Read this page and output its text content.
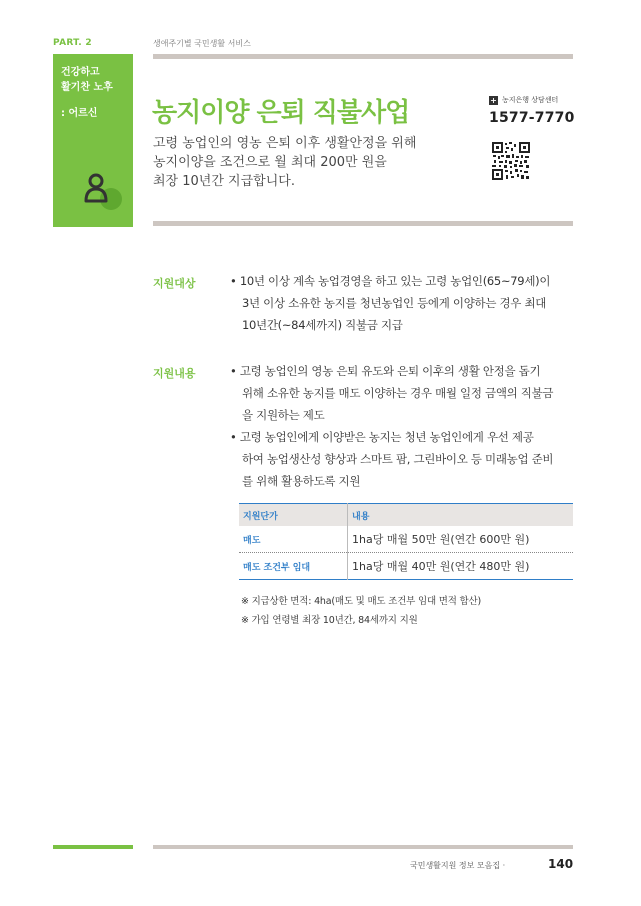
PART. 2	생애주기별 국민생활 서비스
건강하고
활기찬 노후
: 어르신 농지이양 은퇴 직불사업
고령 농업인의 영농 은퇴 이후 생활안정을 위해
농지이양을 조건으로 월 최대 200만 원을
최장 10년간 지급합니다.
+ 농지은행 상담센터
1577-7770
지원대상	• 10년 이상 계속 농업경영을 하고 있는 고령 농업인(65~79세)이
3년 이상 소유한 농지를 청년농업인 등에게 이양하는 경우 최대
10년간(~84세까지) 직불금 지급
지원내용	• 고령 농업인의 영농 은퇴 유도와 은퇴 이후의 생활 안정을 돕기
위해 소유한 농지를 매도 이양하는 경우 매월 일정 금액의 직불금
을 지원하는 제도
• 고령 농업인에게 이양받은 농지는 청년 농업인에게 우선 제공
하여 농업생산성 향상과 스마트 팜, 그린바이오 등 미래농업 준비
를 위해 활용하도록 지원
지원단가	내용
매도	1ha당 매월 50만 원(연간 600만 원)
매도 조건부 임대	1ha당 매월 40만 원(연간 480만 원)
※ 지급상한 면적: 4ha(매도 및 매도 조건부 임대 면적 합산)
※ 가입 연령별 최장 10년간, 84세까지 지원
국민생활지원 정보 모음집 ·	140
